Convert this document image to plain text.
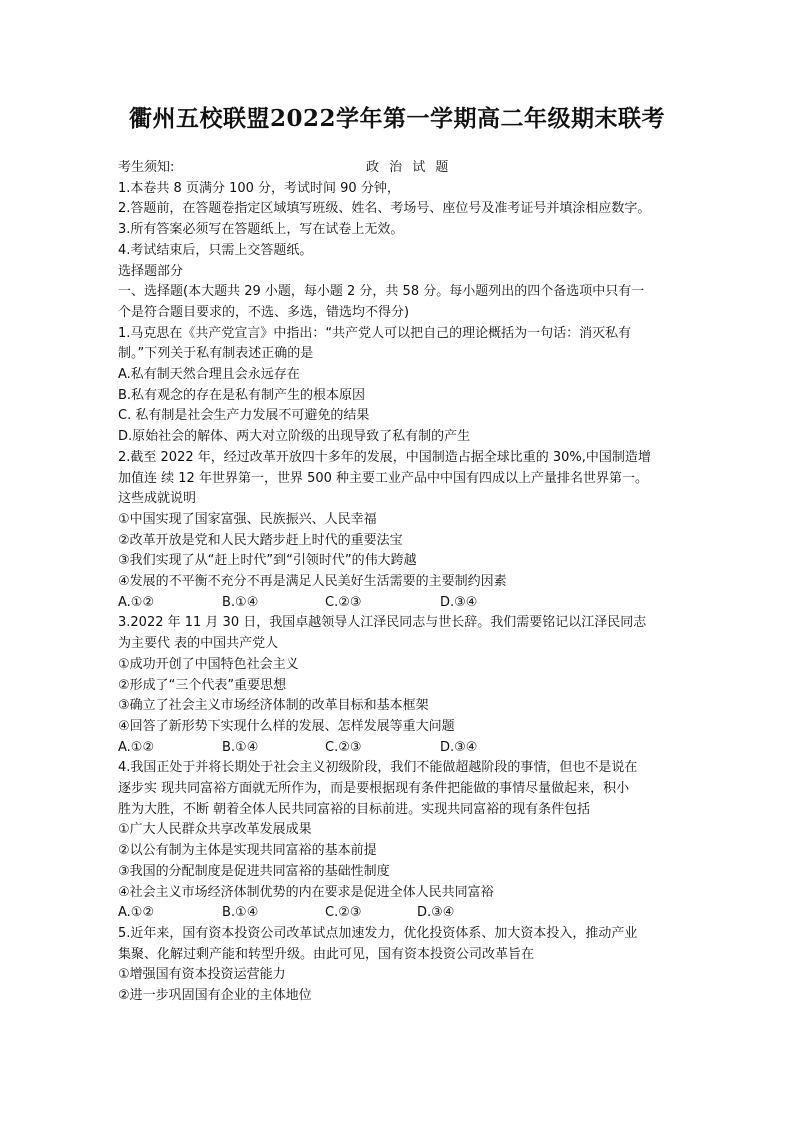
衢州五校联盟2022学年第一学期高二年级期末联考
考生须知:	政 治 试 题
1.本卷共 8 页满分 100 分，考试时间 90 分钟，
2.答题前，在答题卷指定区域填写班级、姓名、考场号、座位号及准考证号并填涂相应数字。
3.所有答案必须写在答题纸上，写在试卷上无效。
4.考试结束后，只需上交答题纸。
选择题部分
一、选择题(本大题共 29 小题，每小题 2 分，共 58 分。每小题列出的四个备选项中只有一
个是符合题目要求的，不选、多选，错选均不得分)
1.马克思在《共产党宣言》中指出：“共产党人可以把自己的理论概括为一句话：消灭私有
制。”下列关于私有制表述正确的是
A.私有制天然合理且会永远存在
B.私有观念的存在是私有制产生的根本原因
C. 私有制是社会生产力发展不可避免的结果
D.原始社会的解体、两大对立阶级的出现导致了私有制的产生
2.截至 2022 年，经过改革开放四十多年的发展，中国制造占据全球比重的 30%,中国制造增
加值连 续 12 年世界第一，世界 500 种主要工业产品中中国有四成以上产量排名世界第一。
这些成就说明
①中国实现了国家富强、民族振兴、人民幸福
②改革开放是党和人民大踏步赶上时代的重要法宝
③我们实现了从“赶上时代”到“引领时代”的伟大跨越
④发展的不平衡不充分不再是满足人民美好生活需要的主要制约因素
A.①②	B.①④	C.②③	D.③④
3.2022 年 11 月 30 日，我国卓越领导人江泽民同志与世长辞。我们需要铭记以江泽民同志
为主要代 表的中国共产党人
①成功开创了中国特色社会主义
②形成了“三个代表”重要思想
③确立了社会主义市场经济体制的改革目标和基本框架
④回答了新形势下实现什么样的发展、怎样发展等重大问题
A.①②	B.①④	C.②③	D.③④
4.我国正处于并将长期处于社会主义初级阶段，我们不能做超越阶段的事情，但也不是说在
逐步实 现共同富裕方面就无所作为，而是要根据现有条件把能做的事情尽量做起来，积小
胜为大胜，不断 朝着全体人民共同富裕的目标前进。实现共同富裕的现有条件包括
①广大人民群众共享改革发展成果
②以公有制为主体是实现共同富裕的基本前提
③我国的分配制度是促进共同富裕的基础性制度
④社会主义市场经济体制优势的内在要求是促进全体人民共同富裕
A.①②	B.①④	C.②③	D.③④
5.近年来，国有资本投资公司改革试点加速发力，优化投资体系、加大资本投入，推动产业
集聚、化解过剩产能和转型升级。由此可见，国有资本投资公司改革旨在
①增强国有资本投资运营能力
②进一步巩固国有企业的主体地位
